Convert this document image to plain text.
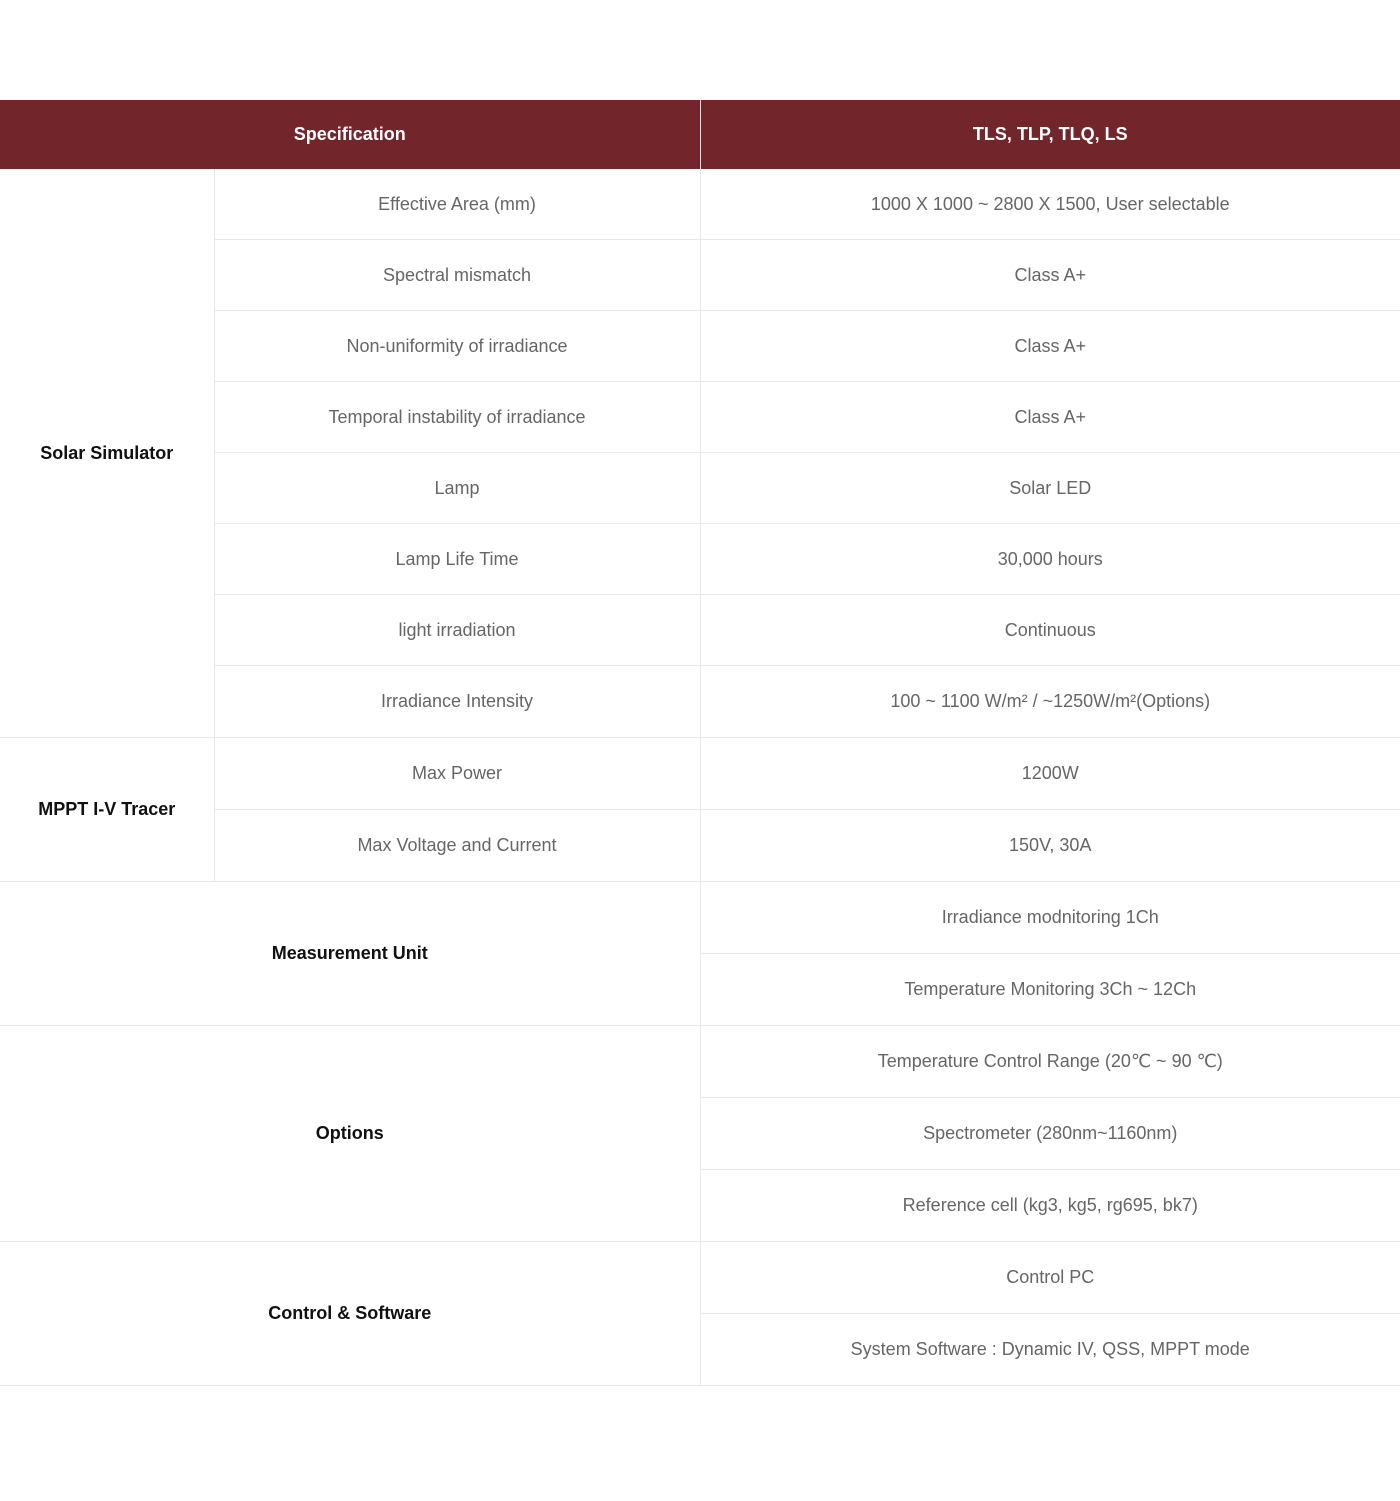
Specification		TLS, TLP, TLQ, LS
Solar Simulator	Effective Area (mm)	1000 X 1000 ~ 2800 X 1500, User selectable
	Spectral mismatch	Class A+
	Non-uniformity of irradiance	Class A+
	Temporal instability of irradiance	Class A+
	Lamp	Solar LED
	Lamp Life Time	30,000 hours
	light irradiation	Continuous
	Irradiance Intensity	100 ~ 1100 W/m² / ~1250W/m²(Options)
MPPT I-V Tracer	Max Power	1200W
	Max Voltage and Current	150V, 30A
Measurement Unit		Irradiance modnitoring 1Ch
		Temperature Monitoring 3Ch ~ 12Ch
Options		Temperature Control Range (20℃ ~ 90 ℃)
		Spectrometer (280nm~1160nm)
		Reference cell (kg3, kg5, rg695, bk7)
Control & Software		Control PC
		System Software : Dynamic IV, QSS, MPPT mode
